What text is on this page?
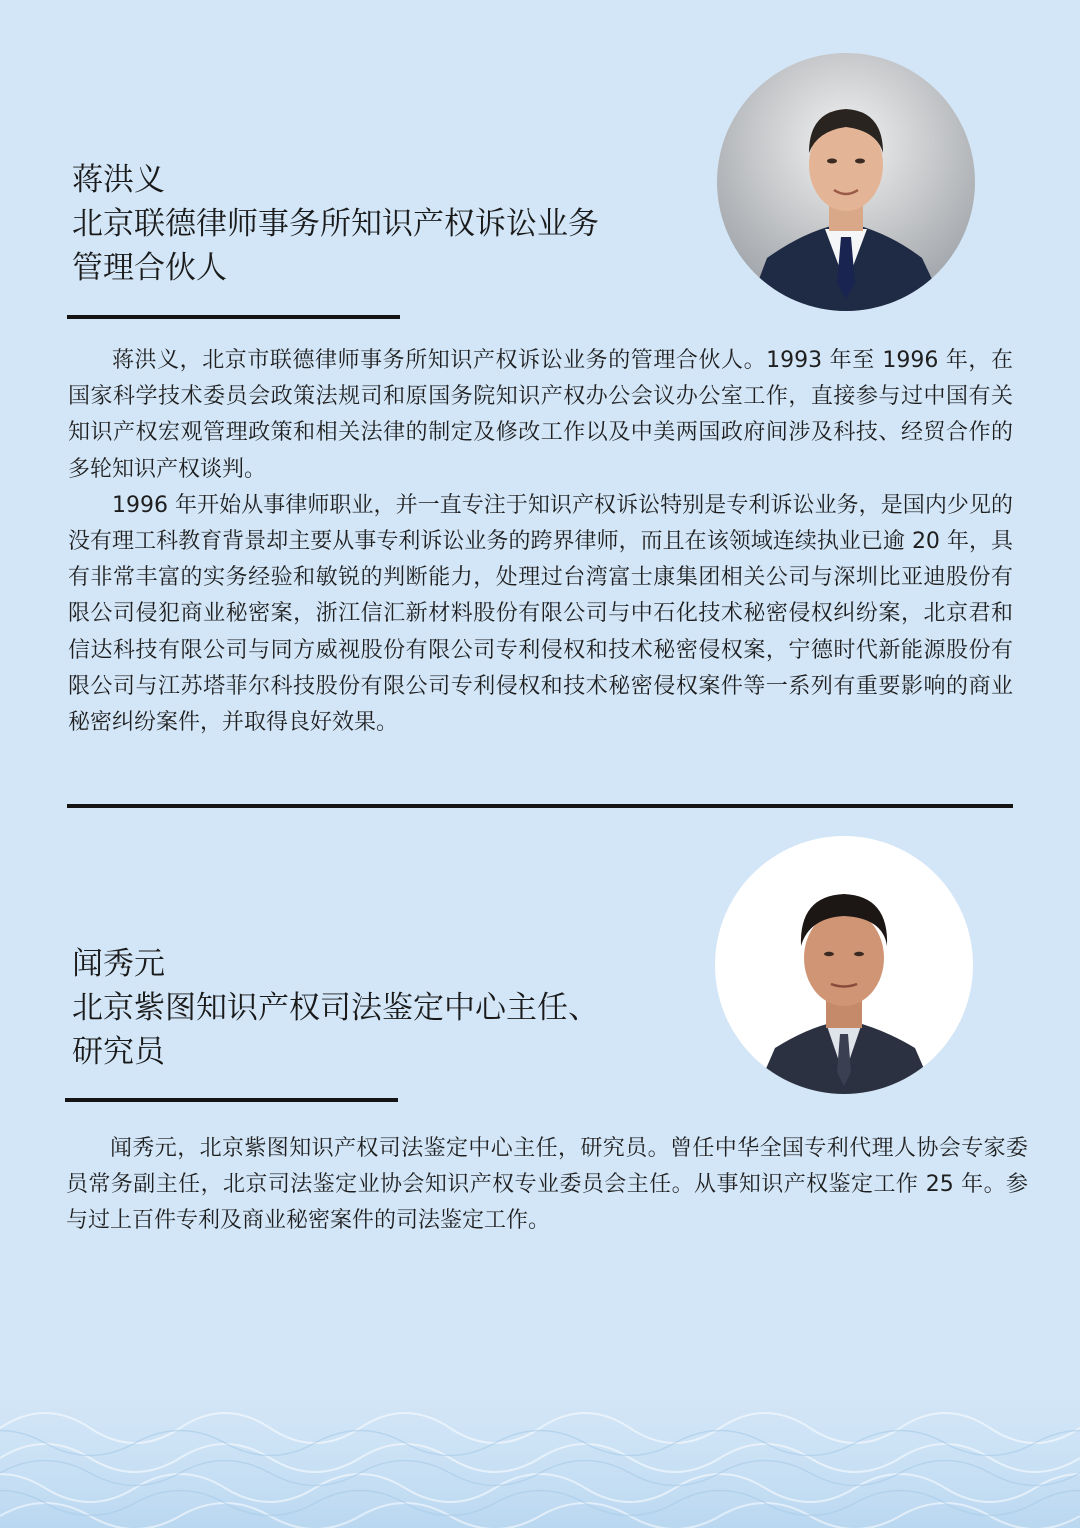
蒋洪义
北京联德律师事务所知识产权诉讼业务
管理合伙人

蒋洪义，北京市联德律师事务所知识产权诉讼业务的管理合伙人。1993 年至 1996 年，在国家科学技术委员会政策法规司和原国务院知识产权办公会议办公室工作，直接参与过中国有关知识产权宏观管理政策和相关法律的制定及修改工作以及中美两国政府间涉及科技、经贸合作的多轮知识产权谈判。

1996 年开始从事律师职业，并一直专注于知识产权诉讼特别是专利诉讼业务，是国内少见的没有理工科教育背景却主要从事专利诉讼业务的跨界律师，而且在该领域连续执业已逾 20 年，具有非常丰富的实务经验和敏锐的判断能力，处理过台湾富士康集团相关公司与深圳比亚迪股份有限公司侵犯商业秘密案，浙江信汇新材料股份有限公司与中石化技术秘密侵权纠纷案，北京君和信达科技有限公司与同方威视股份有限公司专利侵权和技术秘密侵权案，宁德时代新能源股份有限公司与江苏塔菲尔科技股份有限公司专利侵权和技术秘密侵权案件等一系列有重要影响的商业秘密纠纷案件，并取得良好效果。

闻秀元
北京紫图知识产权司法鉴定中心主任、
研究员

闻秀元，北京紫图知识产权司法鉴定中心主任，研究员。曾任中华全国专利代理人协会专家委员常务副主任，北京司法鉴定业协会知识产权专业委员会主任。从事知识产权鉴定工作 25 年。参与过上百件专利及商业秘密案件的司法鉴定工作。
